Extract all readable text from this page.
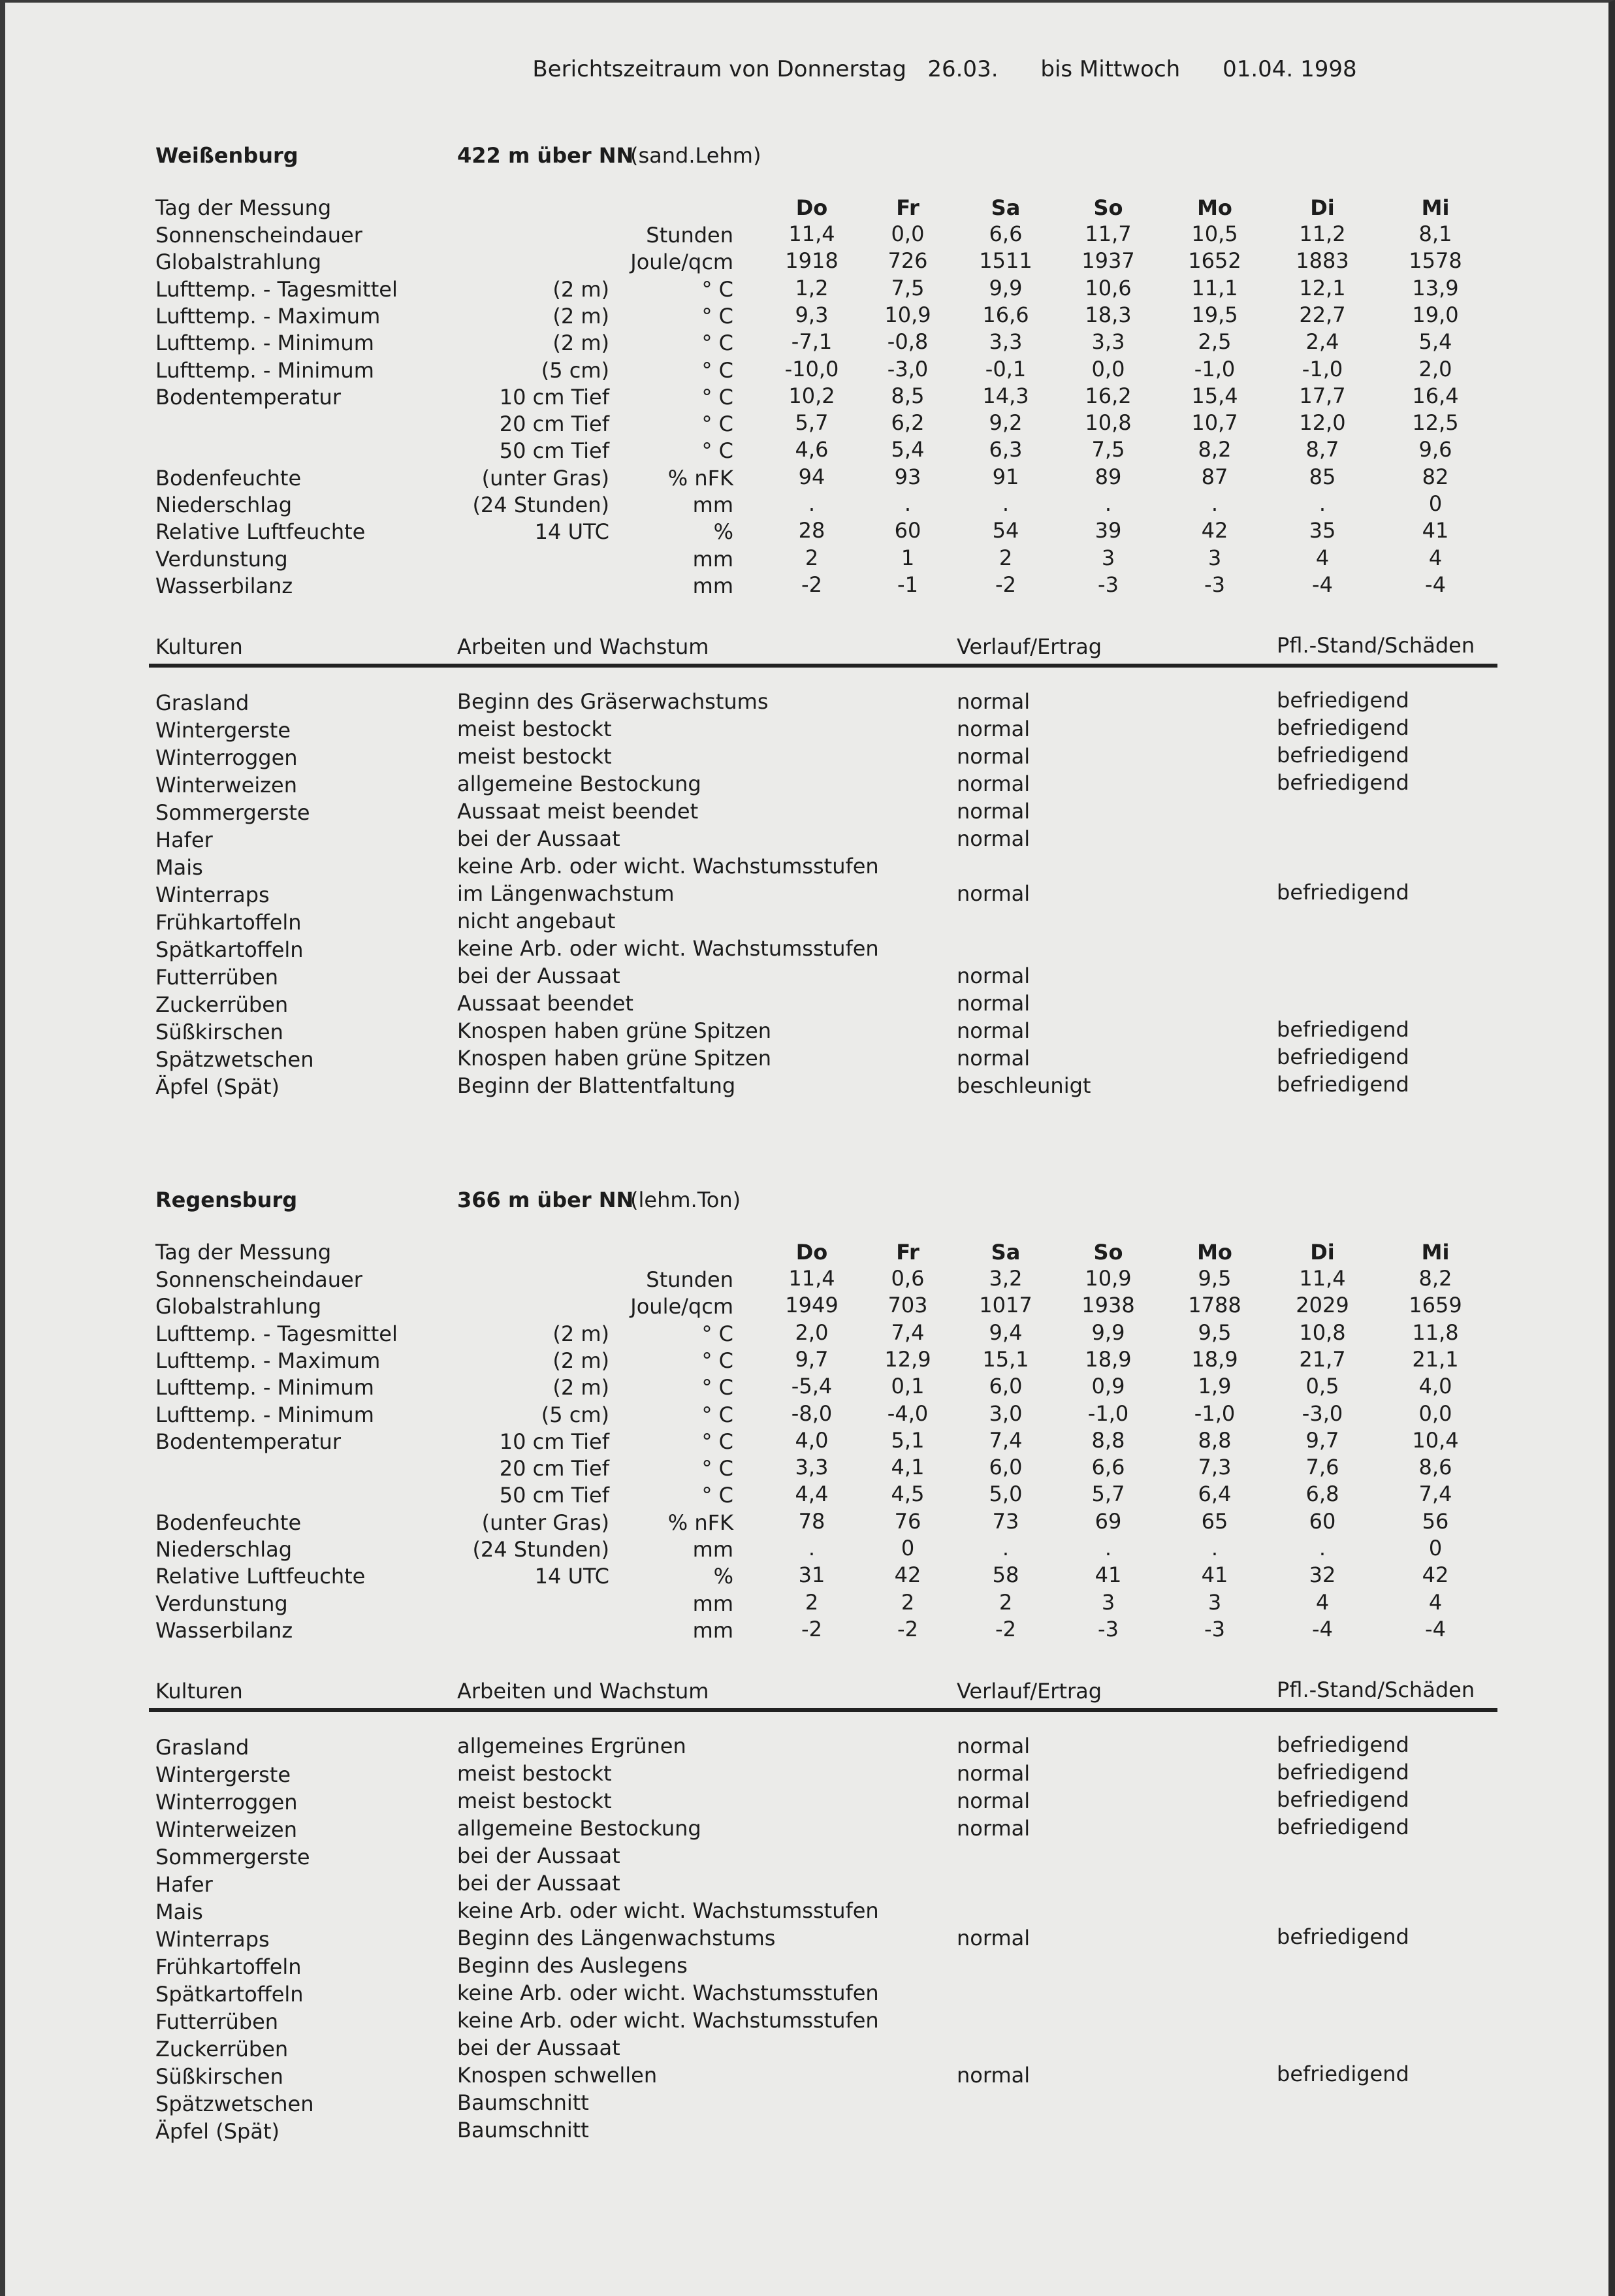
Berichtszeitraum von Donnerstag 26.03. bis Mittwoch 01.04. 1998
Weißenburg	422 m über NN
(sand.Lehm)
Tag der Messung	Do	Fr	Sa	So	Mo	Di	Mi
Sonnenscheindauer	Stunden	11,4	0,0	6,6	11,7	10,5	11,2	8,1
Globalstrahlung	Joule/qcm	1918	726	1511	1937	1652	1883	1578
Lufttemp. - Tagesmittel	(2 m)	° C	1,2	7,5	9,9	10,6	11,1	12,1	13,9
Lufttemp. - Maximum	(2 m)	° C	9,3	10,9	16,6	18,3	19,5	22,7	19,0
Lufttemp. - Minimum	(2 m)	° C	-7,1	-0,8	3,3	3,3	2,5	2,4	5,4
Lufttemp. - Minimum	(5 cm)	° C	-10,0	-3,0	-0,1	0,0	-1,0	-1,0	2,0
Bodentemperatur	10 cm Tief	° C	10,2	8,5	14,3	16,2	15,4	17,7	16,4
20 cm Tief	° C	5,7	6,2	9,2	10,8	10,7	12,0	12,5
50 cm Tief	° C	4,6	5,4	6,3	7,5	8,2	8,7	9,6
Bodenfeuchte	(unter Gras)	% nFK	94	93	91	89	87	85	82
Niederschlag	(24 Stunden)	mm	.	.	.	.	.	.	0
Relative Luftfeuchte	14 UTC	%	28	60	54	39	42	35	41
Verdunstung	mm	2	1	2	3	3	4	4
Wasserbilanz	mm	-2	-1	-2	-3	-3	-4	-4
Kulturen	Arbeiten und Wachstum	Verlauf/Ertrag	Pfl.-Stand/Schäden
Grasland	Beginn des Gräserwachstums	normal	befriedigend
Wintergerste	meist bestockt	normal	befriedigend
Winterroggen	meist bestockt	normal	befriedigend
Winterweizen	allgemeine Bestockung	normal	befriedigend
Sommergerste	Aussaat meist beendet	normal
Hafer	bei der Aussaat	normal
Mais	keine Arb. oder wicht. Wachstumsstufen
Winterraps	im Längenwachstum	normal	befriedigend
Frühkartoffeln	nicht angebaut
Spätkartoffeln	keine Arb. oder wicht. Wachstumsstufen
Futterrüben	bei der Aussaat	normal
Zuckerrüben	Aussaat beendet	normal
Süßkirschen	Knospen haben grüne Spitzen	normal	befriedigend
Spätzwetschen	Knospen haben grüne Spitzen	normal	befriedigend
Äpfel (Spät)	Beginn der Blattentfaltung	beschleunigt	befriedigend
Regensburg	366 m über NN
(lehm.Ton)
Tag der Messung	Do	Fr	Sa	So	Mo	Di	Mi
Sonnenscheindauer	Stunden	11,4	0,6	3,2	10,9	9,5	11,4	8,2
Globalstrahlung	Joule/qcm	1949	703	1017	1938	1788	2029	1659
Lufttemp. - Tagesmittel	(2 m)	° C	2,0	7,4	9,4	9,9	9,5	10,8	11,8
Lufttemp. - Maximum	(2 m)	° C	9,7	12,9	15,1	18,9	18,9	21,7	21,1
Lufttemp. - Minimum	(2 m)	° C	-5,4	0,1	6,0	0,9	1,9	0,5	4,0
Lufttemp. - Minimum	(5 cm)	° C	-8,0	-4,0	3,0	-1,0	-1,0	-3,0	0,0
Bodentemperatur	10 cm Tief	° C	4,0	5,1	7,4	8,8	8,8	9,7	10,4
20 cm Tief	° C	3,3	4,1	6,0	6,6	7,3	7,6	8,6
50 cm Tief	° C	4,4	4,5	5,0	5,7	6,4	6,8	7,4
Bodenfeuchte	(unter Gras)	% nFK	78	76	73	69	65	60	56
Niederschlag	(24 Stunden)	mm	.	0	.	.	.	.	0
Relative Luftfeuchte	14 UTC	%	31	42	58	41	41	32	42
Verdunstung	mm	2	2	2	3	3	4	4
Wasserbilanz	mm	-2	-2	-2	-3	-3	-4	-4
Kulturen	Arbeiten und Wachstum	Verlauf/Ertrag	Pfl.-Stand/Schäden
Grasland	allgemeines Ergrünen	normal	befriedigend
Wintergerste	meist bestockt	normal	befriedigend
Winterroggen	meist bestockt	normal	befriedigend
Winterweizen	allgemeine Bestockung	normal	befriedigend
Sommergerste	bei der Aussaat
Hafer	bei der Aussaat
Mais	keine Arb. oder wicht. Wachstumsstufen
Winterraps	Beginn des Längenwachstums	normal	befriedigend
Frühkartoffeln	Beginn des Auslegens
Spätkartoffeln	keine Arb. oder wicht. Wachstumsstufen
Futterrüben	keine Arb. oder wicht. Wachstumsstufen
Zuckerrüben	bei der Aussaat
Süßkirschen	Knospen schwellen	normal	befriedigend
Spätzwetschen	Baumschnitt
Äpfel (Spät)	Baumschnitt
